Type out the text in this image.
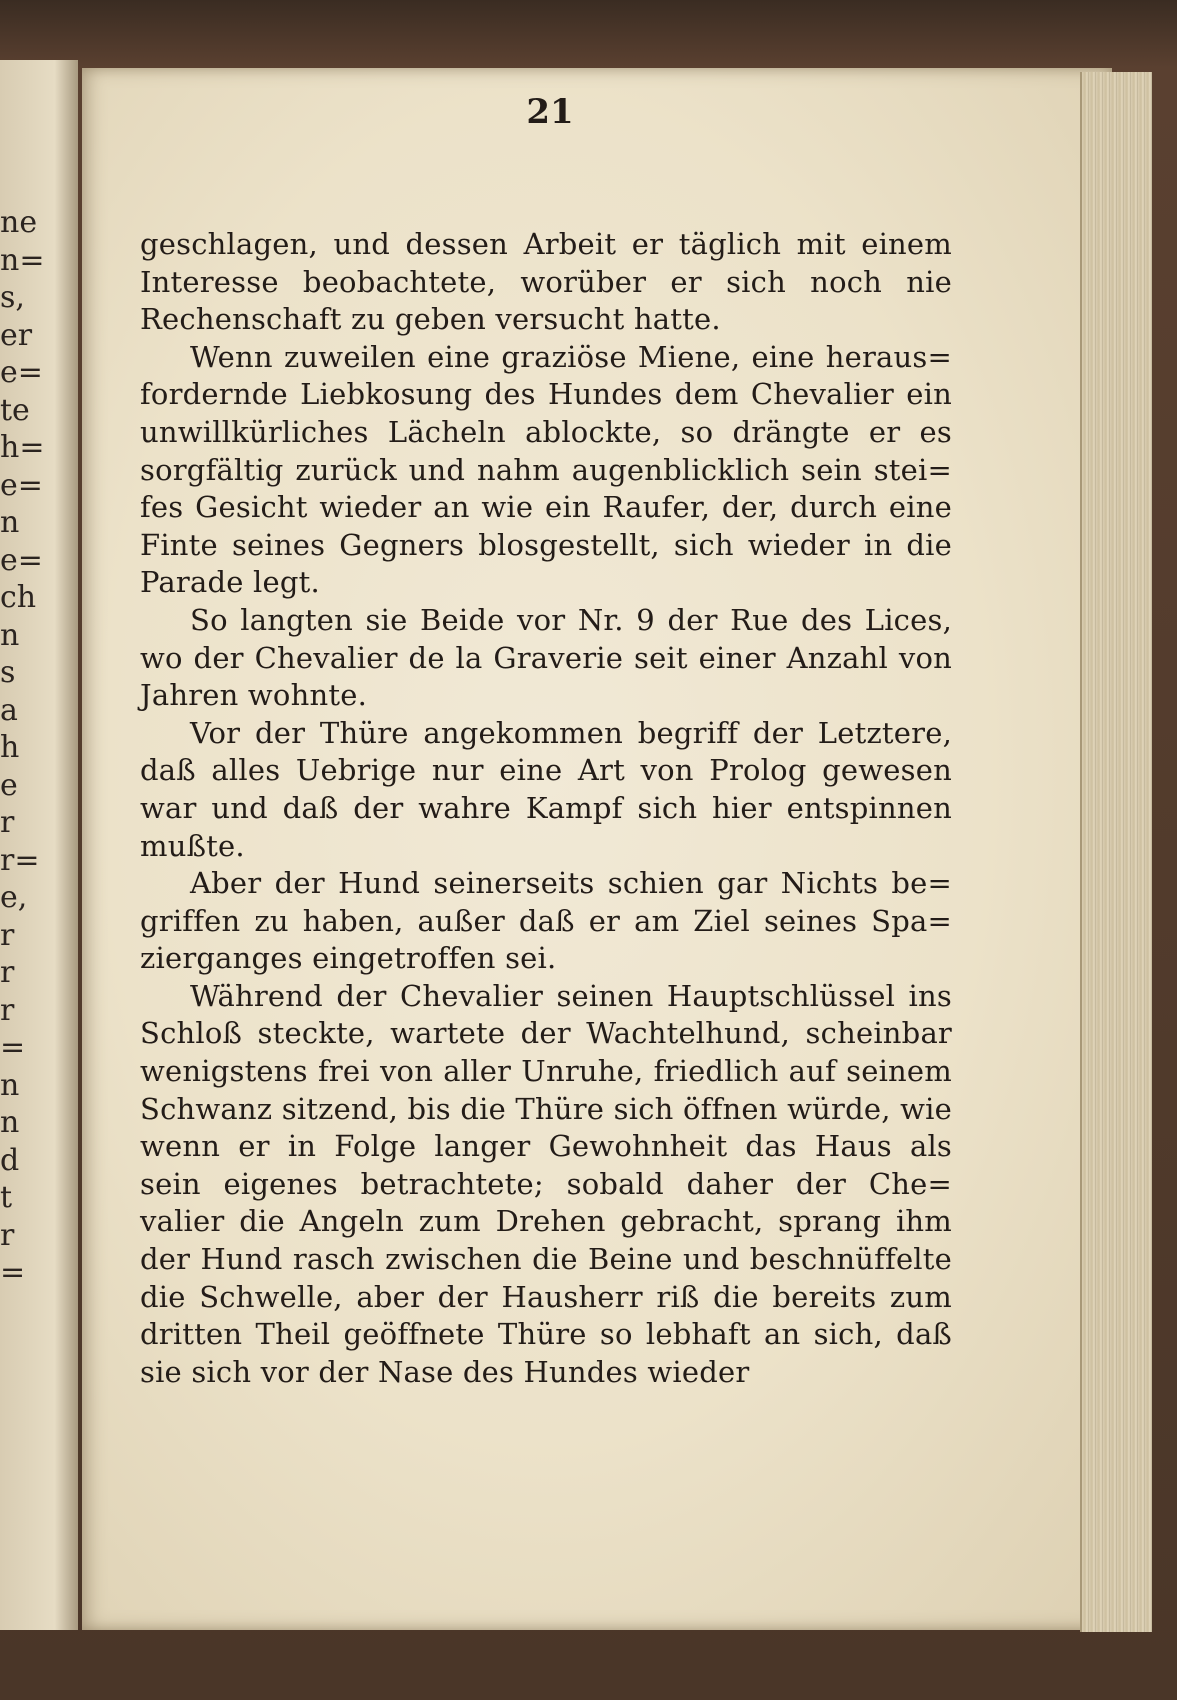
ne
n=
s,
er
e=
te
h=
e=
n
e=
ch
n
s
a
h
e
r
r=
e,
r
r
r
=
n
n
d
t
r
=
21

geschlagen, und dessen Arbeit er täglich mit einem Interesse beobachtete, worüber er sich noch nie Rechenschaft zu geben versucht hatte.

Wenn zuweilen eine graziöse Miene, eine heraus= fordernde Liebkosung des Hundes dem Chevalier ein unwillkürliches Lächeln ablockte, so drängte er es sorgfältig zurück und nahm augenblicklich sein stei= fes Gesicht wieder an wie ein Raufer, der, durch eine Finte seines Gegners blosgestellt, sich wieder in die Parade legt.

So langten sie Beide vor Nr. 9 der Rue des Lices, wo der Chevalier de la Graverie seit einer Anzahl von Jahren wohnte.

Vor der Thüre angekommen begriff der Letztere, daß alles Uebrige nur eine Art von Prolog gewesen war und daß der wahre Kampf sich hier entspinnen mußte.

Aber der Hund seinerseits schien gar Nichts be= griffen zu haben, außer daß er am Ziel seines Spa= zierganges eingetroffen sei.

Während der Chevalier seinen Hauptschlüssel ins Schloß steckte, wartete der Wachtelhund, scheinbar wenigstens frei von aller Unruhe, friedlich auf seinem Schwanz sitzend, bis die Thüre sich öffnen würde, wie wenn er in Folge langer Gewohnheit das Haus als sein eigenes betrachtete; sobald daher der Che= valier die Angeln zum Drehen gebracht, sprang ihm der Hund rasch zwischen die Beine und beschnüffelte die Schwelle, aber der Hausherr riß die bereits zum dritten Theil geöffnete Thüre so lebhaft an sich, daß sie sich vor der Nase des Hundes wieder
